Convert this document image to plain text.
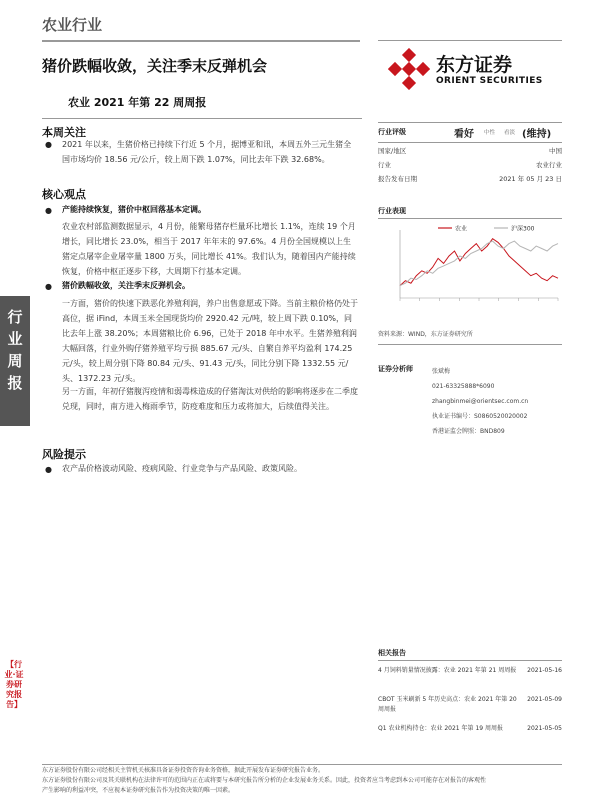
农业行业
猪价跌幅收敛，关注季末反弹机会
农业 2021 年第 22 周周报
东方证券
ORIENT SECURITIES
行业评级	看好 中性 看淡 (维持)
国家/地区	中国
行业	农业行业
报告发布日期	2021 年 05 月 23 日
行业表现
农业	沪深300
资料来源：WIND，东方证券研究所
证券分析师	张斌梅
021-63325888*6090
zhangbinmei@orientsec.com.cn
执业证书编号：S0860520020002
香港证监会牌照：BND809
本周关注
● 2021 年以来，生猪价格已持续下行近 5 个月，据博亚和讯，本周五外三元生猪全国市场均价 18.56 元/公斤，较上周下跌 1.07%，同比去年下跌 32.68%。
核心观点
● 产能持续恢复，猪价中枢回落基本定调。
农业农村部监测数据显示，4 月份，能繁母猪存栏量环比增长 1.1%，连续 19 个月增长，同比增长 23.0%，相当于 2017 年年末的 97.6%。4 月份全国规模以上生猪定点屠宰企业屠宰量 1800 万头，同比增长 41%。我们认为，随着国内产能持续恢复，价格中枢正逐步下移，大周期下行基本定调。
● 猪价跌幅收敛，关注季末反弹机会。
一方面，猪价的快速下跌恶化养殖利润，养户出售意愿或下降。当前主粮价格仍处于高位，据 iFind，本周玉米全国现货均价 2920.42 元/吨，较上周下跌 0.10%，同比去年上涨 38.20%；本周猪粮比价 6.96，已处于 2018 年中水平。生猪养殖利润大幅回落，行业外购仔猪养殖平均亏损 885.67 元/头、自繁自养平均盈利 174.25 元/头，较上周分别下降 80.84 元/头、91.43 元/头，同比分别下降 1332.55 元/头、1372.23 元/头。
另一方面，年初仔猪腹泻疫情和弱毒株造成的仔猪淘汰对供给的影响将逐步在二季度兑现，同时，南方进入梅雨季节，防疫难度和压力或将加大，后续值得关注。
风险提示
● 农产品价格波动风险、疫病风险、行业竞争与产品风险、政策风险。
行业周报
【行业·证券研究报告】
相关报告
4 月饲料销量情况披露：农业 2021 年第 21 周周报 2021-05-16
CBOT 玉米刷新 5 年历史高点：农业 2021 年第 20 周周报
2021-05-09
Q1 农业机构持仓：农业 2021 年第 19 周周报	2021-05-05
东方证券股份有限公司经相关主管机关核准具备证券投资咨询业务资格，据此开展发布证券研究报告业务。
东方证券股份有限公司及其关联机构在法律许可的范围内正在或将要与本研究报告所分析的企业发展业务关系。因此，投资者应当考虑到本公司可能存在对报告的客观性
产生影响的利益冲突，不应视本证券研究报告作为投资决策的唯一因素。
